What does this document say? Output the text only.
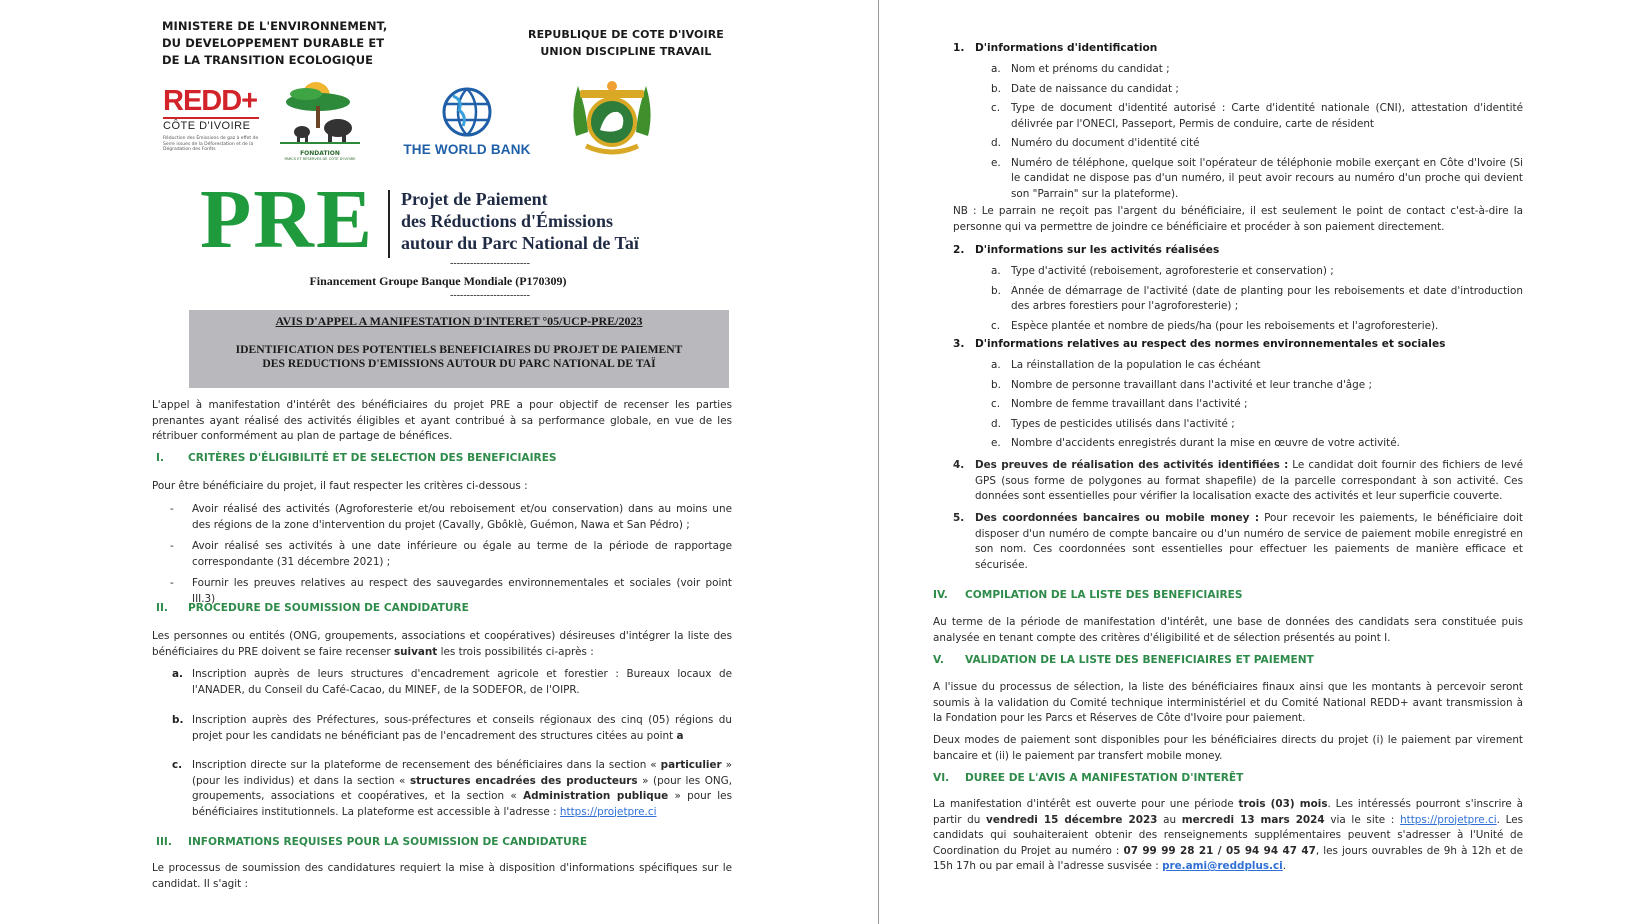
MINISTERE DE L'ENVIRONNEMENT,
DU DEVELOPPEMENT DURABLE ET
DE LA TRANSITION ECOLOGIQUE
REPUBLIQUE DE COTE D'IVOIRE
UNION DISCIPLINE TRAVAIL
REDD+
CÔTE D'IVOIRE
Réduction des Émissions de gaz à effet de Serre issues de la Déforestation et de la Dégradation des Forêts
FONDATION
PARCS ET RÉSERVES DE CÔTE D'IVOIRE
THE WORLD BANK
PRE Projet de Paiement
des Réductions d'Émissions
autour du Parc National de Taï
------------------------
Financement Groupe Banque Mondiale (P170309)
------------------------
AVIS D'APPEL A MANIFESTATION D'INTERET °05/UCP-PRE/2023
IDENTIFICATION DES POTENTIELS BENEFICIAIRES DU PROJET DE PAIEMENT
DES REDUCTIONS D'EMISSIONS AUTOUR DU PARC NATIONAL DE TAÏ
L'appel à manifestation d'intérêt des bénéficiaires du projet PRE a pour objectif de recenser les parties prenantes ayant réalisé des activités éligibles et ayant contribué à sa performance globale, en vue de les rétribuer conformément au plan de partage de bénéfices.
I. CRITÈRES D'ÉLIGIBILITÉ ET DE SELECTION DES BENEFICIAIRES
Pour être bénéficiaire du projet, il faut respecter les critères ci-dessous :
-	Avoir réalisé des activités (Agroforesterie et/ou reboisement et/ou conservation) dans au moins une des régions de la zone d'intervention du projet (Cavally, Gbôklè, Guémon, Nawa et San Pédro) ;
-	Avoir réalisé ses activités à une date inférieure ou égale au terme de la période de rapportage correspondante (31 décembre 2021) ;
-	Fournir les preuves relatives au respect des sauvegardes environnementales et sociales (voir point III.3)
II. PROCEDURE DE SOUMISSION DE CANDIDATURE
Les personnes ou entités (ONG, groupements, associations et coopératives) désireuses d'intégrer la liste des bénéficiaires du PRE doivent se faire recenser suivant les trois possibilités ci-après :
a. Inscription auprès de leurs structures d'encadrement agricole et forestier : Bureaux locaux de l'ANADER, du Conseil du Café-Cacao, du MINEF, de la SODEFOR, de l'OIPR.
b. Inscription auprès des Préfectures, sous-préfectures et conseils régionaux des cinq (05) régions du projet pour les candidats ne bénéficiant pas de l'encadrement des structures citées au point a
c. Inscription directe sur la plateforme de recensement des bénéficiaires dans la section « particulier » (pour les individus) et dans la section « structures encadrées des producteurs » (pour les ONG, groupements, associations et coopératives, et la section « Administration publique » pour les bénéficiaires institutionnels. La plateforme est accessible à l'adresse : https://projetpre.ci
III. INFORMATIONS REQUISES POUR LA SOUMISSION DE CANDIDATURE
Le processus de soumission des candidatures requiert la mise à disposition d'informations spécifiques sur le candidat. Il s'agit :
1. D'informations d'identification
a. Nom et prénoms du candidat ;
b. Date de naissance du candidat ;
c.	Type de document d'identité autorisé : Carte d'identité nationale (CNI), attestation d'identité délivrée par l'ONECI, Passeport, Permis de conduire, carte de résident
d. Numéro du document d'identité cité
e. Numéro de téléphone, quelque soit l'opérateur de téléphonie mobile exerçant en Côte d'Ivoire (Si le candidat ne dispose pas d'un numéro, il peut avoir recours au numéro d'un proche qui devient son "Parrain" sur la plateforme).
NB : Le parrain ne reçoit pas l'argent du bénéficiaire, il est seulement le point de contact c'est-à-dire la personne qui va permettre de joindre ce bénéficiaire et procéder à son paiement directement.
2. D'informations sur les activités réalisées
a. Type d'activité (reboisement, agroforesterie et conservation) ;
b. Année de démarrage de l'activité (date de planting pour les reboisements et date d'introduction des arbres forestiers pour l'agroforesterie) ;
c.	Espèce plantée et nombre de pieds/ha (pour les reboisements et l'agroforesterie).
3. D'informations relatives au respect des normes environnementales et sociales
a. La réinstallation de la population le cas échéant
b. Nombre de personne travaillant dans l'activité et leur tranche d'âge ;
c.	Nombre de femme travaillant dans l'activité ;
d. Types de pesticides utilisés dans l'activité ;
e. Nombre d'accidents enregistrés durant la mise en œuvre de votre activité.
4.	Des preuves de réalisation des activités identifiées : Le candidat doit fournir des fichiers de levé GPS (sous forme de polygones au format shapefile) de la parcelle correspondant à son activité. Ces données sont essentielles pour vérifier la localisation exacte des activités et leur superficie couverte.
5.	Des coordonnées bancaires ou mobile money : Pour recevoir les paiements, le bénéficiaire doit disposer d'un numéro de compte bancaire ou d'un numéro de service de paiement mobile enregistré en son nom. Ces coordonnées sont essentielles pour effectuer les paiements de manière efficace et sécurisée.
IV. COMPILATION DE LA LISTE DES BENEFICIAIRES
Au terme de la période de manifestation d'intérêt, une base de données des candidats sera constituée puis analysée en tenant compte des critères d'éligibilité et de sélection présentés au point I.
V. VALIDATION DE LA LISTE DES BENEFICIAIRES ET PAIEMENT
A l'issue du processus de sélection, la liste des bénéficiaires finaux ainsi que les montants à percevoir seront soumis à la validation du Comité technique interministériel et du Comité National REDD+ avant transmission à la Fondation pour les Parcs et Réserves de Côte d'Ivoire pour paiement.
Deux modes de paiement sont disponibles pour les bénéficiaires directs du projet (i) le paiement par virement bancaire et (ii) le paiement par transfert mobile money.
VI. DUREE DE L'AVIS A MANIFESTATION D'INTERÊT
La manifestation d'intérêt est ouverte pour une période trois (03) mois. Les intéressés pourront s'inscrire à partir du vendredi 15 décembre 2023 au mercredi 13 mars 2024 via le site : https://projetpre.ci. Les candidats qui souhaiteraient obtenir des renseignements supplémentaires peuvent s'adresser à l'Unité de Coordination du Projet au numéro : 07 99 99 28 21 / 05 94 94 47 47, les jours ouvrables de 9h à 12h et de 15h 17h ou par email à l'adresse susvisée : pre.ami@reddplus.ci.
